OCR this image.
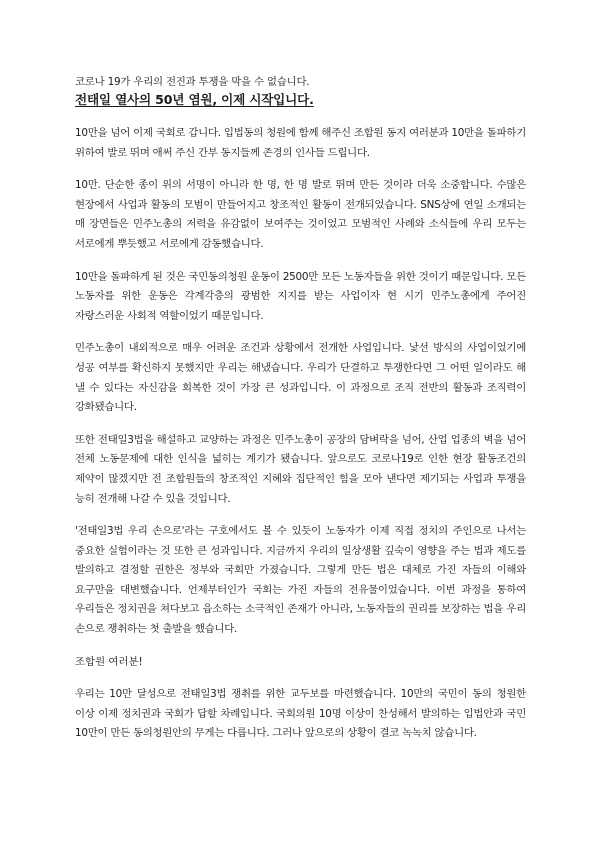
코로나 19가 우리의 전진과 투쟁을 막을 수 없습니다.

전태일 열사의 50년 염원, 이제 시작입니다.

10만을 넘어 이제 국회로 갑니다. 입법동의 청원에 함께 해주신 조합원 동지 여러분과 10만을 돌파하기 위하여 발로 뛰며 애써 주신 간부 동지들께 존경의 인사들 드립니다.

10만. 단순한 종이 위의 서명이 아니라 한 명, 한 명 발로 뛰며 만든 것이라 더욱 소중합니다. 수많은 현장에서 사업과 활동의 모범이 만들어지고 창조적인 활동이 전개되었습니다. SNS상에 연일 소개되는 매 장면들은 민주노총의 저력을 유감없이 보여주는 것이었고 모범적인 사례와 소식들에 우리 모두는 서로에게 뿌듯했고 서로에게 감동했습니다.

10만을 돌파하게 된 것은 국민동의청원 운동이 2500만 모든 노동자들을 위한 것이기 때문입니다. 모든 노동자를 위한 운동은 각계각층의 광범한 지지를 받는 사업이자 현 시기 민주노총에게 주어진 자랑스러운 사회적 역할이었기 때문입니다.

민주노총이 내외적으로 매우 어려운 조건과 상황에서 전개한 사업입니다. 낯선 방식의 사업이었기에 성공 여부를 확신하지 못했지만 우리는 해냈습니다. 우리가 단결하고 투쟁한다면 그 어떤 일이라도 해 낼 수 있다는 자신감을 회복한 것이 가장 큰 성과입니다. 이 과정으로 조직 전반의 활동과 조직력이 강화됐습니다.

또한 전태일3법을 해설하고 교양하는 과정은 민주노총이 공장의 담벼락을 넘어, 산업 업종의 벽을 넘어 전체 노동문제에 대한 인식을 넓히는 계기가 됐습니다. 앞으로도 코로나19로 인한 현장 활동조건의 제약이 많겠지만 전 조합원들의 창조적인 지혜와 집단적인 힘을 모아 낸다면 제기되는 사업과 투쟁을 능히 전개해 나갈 수 있을 것입니다.

'전태일3법 우리 손으로'라는 구호에서도 볼 수 있듯이 노동자가 이제 직접 정치의 주인으로 나서는 중요한 실험이라는 것 또한 큰 성과입니다. 지금까지 우리의 일상생활 깊숙이 영향을 주는 법과 제도를 발의하고 결정할 권한은 정부와 국회만 가졌습니다. 그렇게 만든 법은 대체로 가진 자들의 이해와 요구만을 대변했습니다. 언제부터인가 국회는 가진 자들의 전유물이었습니다. 이번 과정을 통하여 우리들은 정치권을 쳐다보고 읍소하는 소극적인 존재가 아니라, 노동자들의 권리를 보장하는 법을 우리 손으로 쟁취하는 첫 출발을 했습니다.

조합원 여러분!

우리는 10만 달성으로 전태일3법 쟁취를 위한 교두보를 마련했습니다. 10만의 국민이 동의 청원한 이상 이제 정치권과 국회가 답할 차례입니다. 국회의원 10명 이상이 찬성해서 발의하는 입법안과 국민 10만이 만든 동의청원안의 무게는 다릅니다. 그러나 앞으로의 상황이 결코 녹녹치 않습니다.
